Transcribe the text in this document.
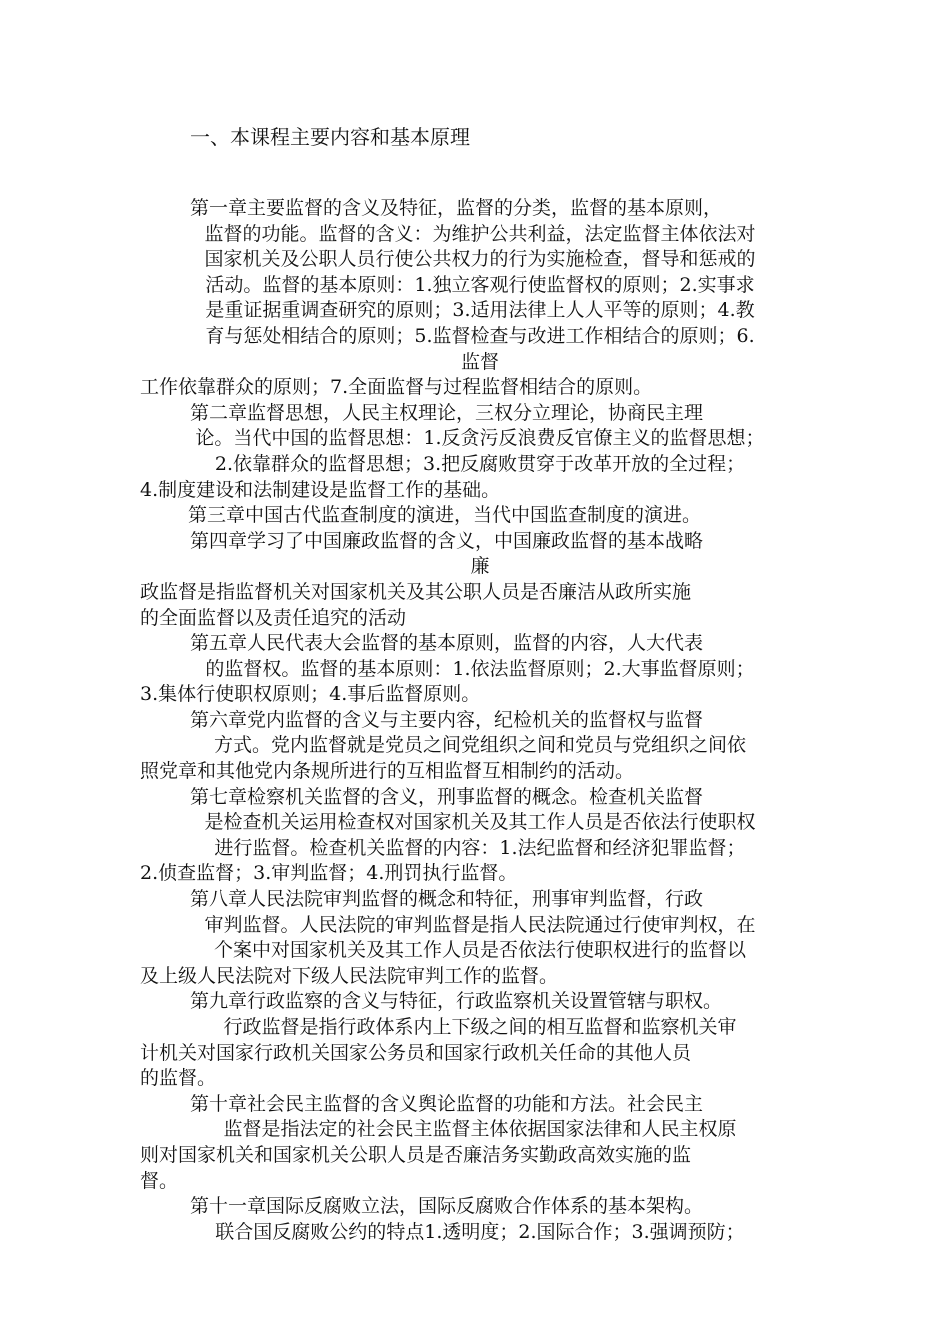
一、本课程主要内容和基本原理
第一章主要监督的含义及特征，监督的分类，监督的基本原则，
监督的功能。监督的含义：为维护公共利益，法定监督主体依法对
国家机关及公职人员行使公共权力的行为实施检查，督导和惩戒的
活动。监督的基本原则：1.独立客观行使监督权的原则；2.实事求
是重证据重调查研究的原则；3.适用法律上人人平等的原则；4.教
育与惩处相结合的原则；5.监督检查与改进工作相结合的原则；6.
监督
工作依靠群众的原则；7.全面监督与过程监督相结合的原则。
第二章监督思想，人民主权理论，三权分立理论，协商民主理
论。当代中国的监督思想：1.反贪污反浪费反官僚主义的监督思想；
2.依靠群众的监督思想；3.把反腐败贯穿于改革开放的全过程；
4.制度建设和法制建设是监督工作的基础。
第三章中国古代监查制度的演进，当代中国监查制度的演进。
第四章学习了中国廉政监督的含义，中国廉政监督的基本战略
廉
政监督是指监督机关对国家机关及其公职人员是否廉洁从政所实施
的全面监督以及责任追究的活动
第五章人民代表大会监督的基本原则，监督的内容，人大代表
的监督权。监督的基本原则：1.依法监督原则；2.大事监督原则；
3.集体行使职权原则；4.事后监督原则。
第六章党内监督的含义与主要内容，纪检机关的监督权与监督
方式。党内监督就是党员之间党组织之间和党员与党组织之间依
照党章和其他党内条规所进行的互相监督互相制约的活动。
第七章检察机关监督的含义，刑事监督的概念。检查机关监督
是检查机关运用检查权对国家机关及其工作人员是否依法行使职权
进行监督。检查机关监督的内容：1.法纪监督和经济犯罪监督；
2.侦查监督；3.审判监督；4.刑罚执行监督。
第八章人民法院审判监督的概念和特征，刑事审判监督，行政
审判监督。人民法院的审判监督是指人民法院通过行使审判权，在
个案中对国家机关及其工作人员是否依法行使职权进行的监督以
及上级人民法院对下级人民法院审判工作的监督。
第九章行政监察的含义与特征，行政监察机关设置管辖与职权。
行政监督是指行政体系内上下级之间的相互监督和监察机关审
计机关对国家行政机关国家公务员和国家行政机关任命的其他人员
的监督。
第十章社会民主监督的含义舆论监督的功能和方法。社会民主
监督是指法定的社会民主监督主体依据国家法律和人民主权原
则对国家机关和国家机关公职人员是否廉洁务实勤政高效实施的监
督。
第十一章国际反腐败立法，国际反腐败合作体系的基本架构。
联合国反腐败公约的特点1.透明度；2.国际合作；3.强调预防；
